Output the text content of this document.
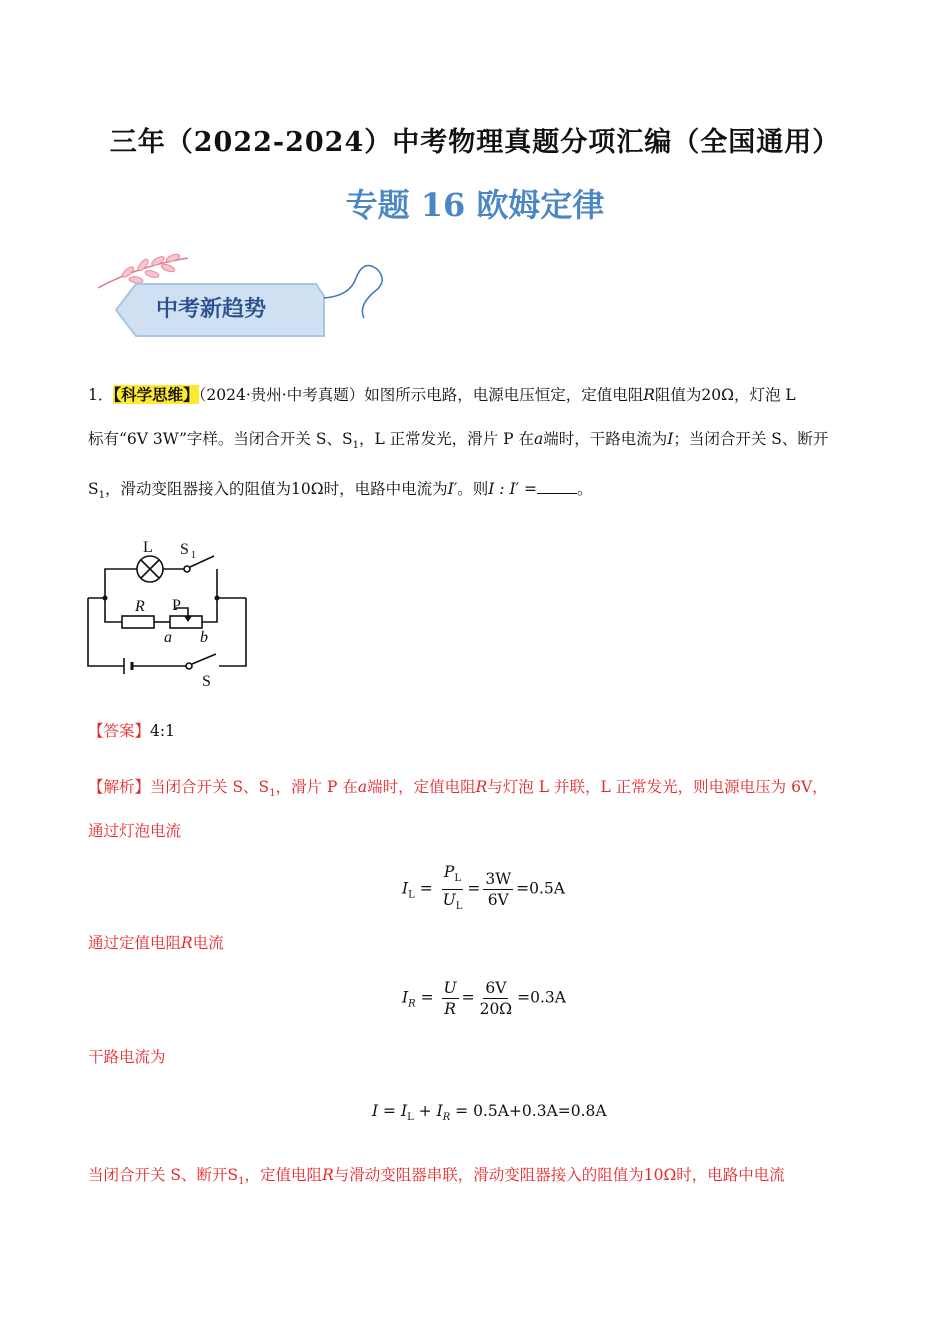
三年（2022-2024）中考物理真题分项汇编（全国通用）
专题 16 欧姆定律
中考新趋势
1．【科学思维】（2024·贵州·中考真题）如图所示电路，电源电压恒定，定值电阻R阻值为20Ω，灯泡 L
标有“6V 3W”字样。当闭合开关 S、$S_1$，L 正常发光，滑片 P 在a端时，干路电流为I；当闭合开关 S、断开
$S_1$，滑动变阻器接入的阻值为10Ω时，电路中电流为I′。则I : I′ =	。
L S 1
R P
a b
S
【答案】4:1
【解析】当闭合开关 S、$S_1$，滑片 P 在a端时，定值电阻R与灯泡 L 并联，L 正常发光，则电源电压为 6V，
通过灯泡电流
$I_L = \frac{P_L}{U_L} = \frac{3W}{6V} =0.5A$
通过定值电阻R电流
$I_R = \frac{U}{R} = \frac{6V}{20\Omega} =0.3A$
干路电流为
$I = I_L + I_R = 0.5A+0.3A=0.8A$
当闭合开关 S、断开$S_1$，定值电阻R与滑动变阻器串联，滑动变阻器接入的阻值为10Ω时，电路中电流
